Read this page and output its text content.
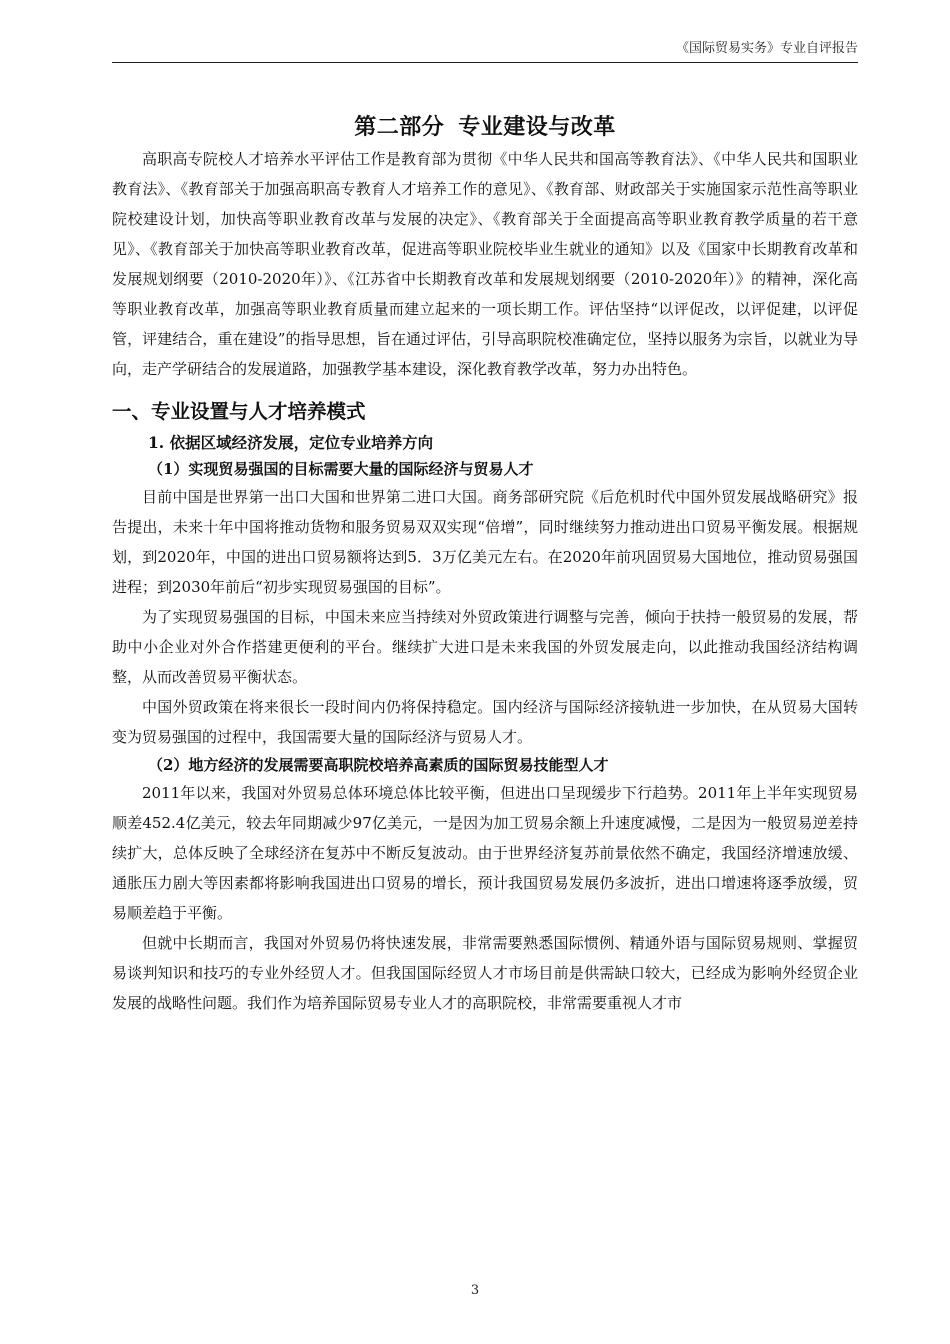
《国际贸易实务》专业自评报告
第二部分 专业建设与改革

高职高专院校人才培养水平评估工作是教育部为贯彻《中华人民共和国高等教育法》、《中华人民共和国职业教育法》、《教育部关于加强高职高专教育人才培养工作的意见》、《教育部、财政部关于实施国家示范性高等职业院校建设计划，加快高等职业教育改革与发展的决定》、《教育部关于全面提高高等职业教育教学质量的若干意见》、《教育部关于加快高等职业教育改革，促进高等职业院校毕业生就业的通知》以及《国家中长期教育改革和发展规划纲要（2010-2020年）》、《江苏省中长期教育改革和发展规划纲要（2010-2020年）》的精神，深化高等职业教育改革，加强高等职业教育质量而建立起来的一项长期工作。评估坚持“以评促改，以评促建，以评促管，评建结合，重在建设”的指导思想，旨在通过评估，引导高职院校准确定位，坚持以服务为宗旨，以就业为导向，走产学研结合的发展道路，加强教学基本建设，深化教育教学改革，努力办出特色。

一、专业设置与人才培养模式
1. 依据区域经济发展，定位专业培养方向
（1）实现贸易强国的目标需要大量的国际经济与贸易人才

目前中国是世界第一出口大国和世界第二进口大国。商务部研究院《后危机时代中国外贸发展战略研究》报告提出，未来十年中国将推动货物和服务贸易双双实现“倍增”，同时继续努力推动进出口贸易平衡发展。根据规划，到2020年，中国的进出口贸易额将达到5．3万亿美元左右。在2020年前巩固贸易大国地位，推动贸易强国进程；到2030年前后“初步实现贸易强国的目标”。

为了实现贸易强国的目标，中国未来应当持续对外贸政策进行调整与完善，倾向于扶持一般贸易的发展，帮助中小企业对外合作搭建更便利的平台。继续扩大进口是未来我国的外贸发展走向，以此推动我国经济结构调整，从而改善贸易平衡状态。

中国外贸政策在将来很长一段时间内仍将保持稳定。国内经济与国际经济接轨进一步加快，在从贸易大国转变为贸易强国的过程中，我国需要大量的国际经济与贸易人才。

（2）地方经济的发展需要高职院校培养高素质的国际贸易技能型人才

2011年以来，我国对外贸易总体环境总体比较平衡，但进出口呈现缓步下行趋势。2011年上半年实现贸易顺差452.4亿美元，较去年同期减少97亿美元，一是因为加工贸易余额上升速度减慢，二是因为一般贸易逆差持续扩大，总体反映了全球经济在复苏中不断反复波动。由于世界经济复苏前景依然不确定，我国经济增速放缓、通胀压力剧大等因素都将影响我国进出口贸易的增长，预计我国贸易发展仍多波折，进出口增速将逐季放缓，贸易顺差趋于平衡。

但就中长期而言，我国对外贸易仍将快速发展，非常需要熟悉国际惯例、精通外语与国际贸易规则、掌握贸易谈判知识和技巧的专业外经贸人才。但我国国际经贸人才市场目前是供需缺口较大，已经成为影响外经贸企业发展的战略性问题。我们作为培养国际贸易专业人才的高职院校，非常需要重视人才市

3
